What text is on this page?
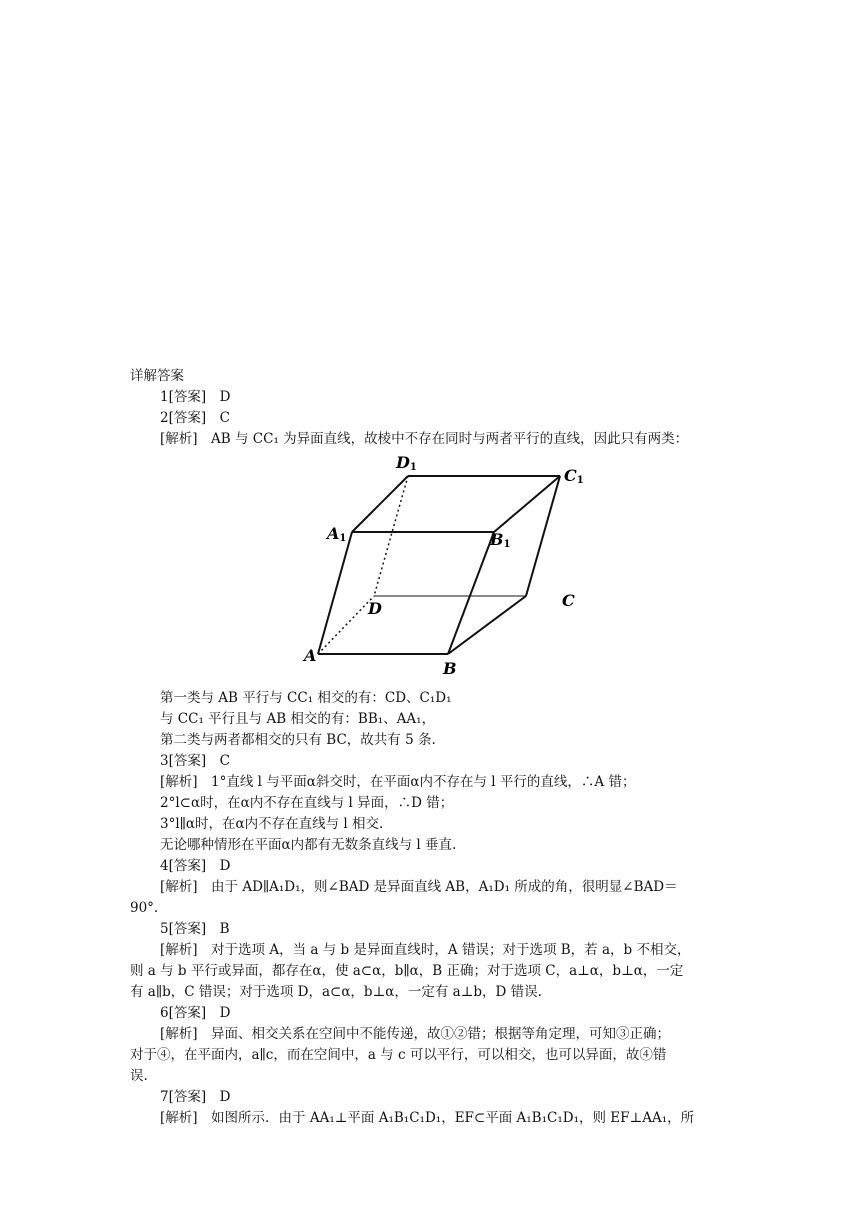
详解答案
1[答案]　D
2[答案]　C
[解析]　AB 与 CC₁ 为异面直线，故棱中不存在同时与两者平行的直线，因此只有两类：
D1	C1
A1	B1
D	C
A
B
第一类与 AB 平行与 CC₁ 相交的有：CD、C₁D₁
与 CC₁ 平行且与 AB 相交的有：BB₁、AA₁，
第二类与两者都相交的只有 BC，故共有 5 条.
3[答案]　C
[解析]　1°直线 l 与平面α斜交时，在平面α内不存在与 l 平行的直线，∴A 错；
2°l⊂α时，在α内不存在直线与 l 异面，∴D 错；
3°l∥α时，在α内不存在直线与 l 相交.
无论哪种情形在平面α内都有无数条直线与 l 垂直.
4[答案]　D
[解析]　由于 AD∥A₁D₁，则∠BAD 是异面直线 AB，A₁D₁ 所成的角，很明显∠BAD＝
90°.
5[答案]　B
[解析]　对于选项 A，当 a 与 b 是异面直线时，A 错误；对于选项 B，若 a，b 不相交，
则 a 与 b 平行或异面，都存在α，使 a⊂α，b∥α，B 正确；对于选项 C，a⊥α，b⊥α，一定
有 a∥b，C 错误；对于选项 D，a⊂α，b⊥α，一定有 a⊥b，D 错误.
6[答案]　D
[解析]　异面、相交关系在空间中不能传递，故①②错；根据等角定理，可知③正确；
对于④，在平面内，a∥c，而在空间中，a 与 c 可以平行，可以相交，也可以异面，故④错
误.
7[答案]　D
[解析]　如图所示．由于 AA₁⊥平面 A₁B₁C₁D₁，EF⊂平面 A₁B₁C₁D₁，则 EF⊥AA₁，所
